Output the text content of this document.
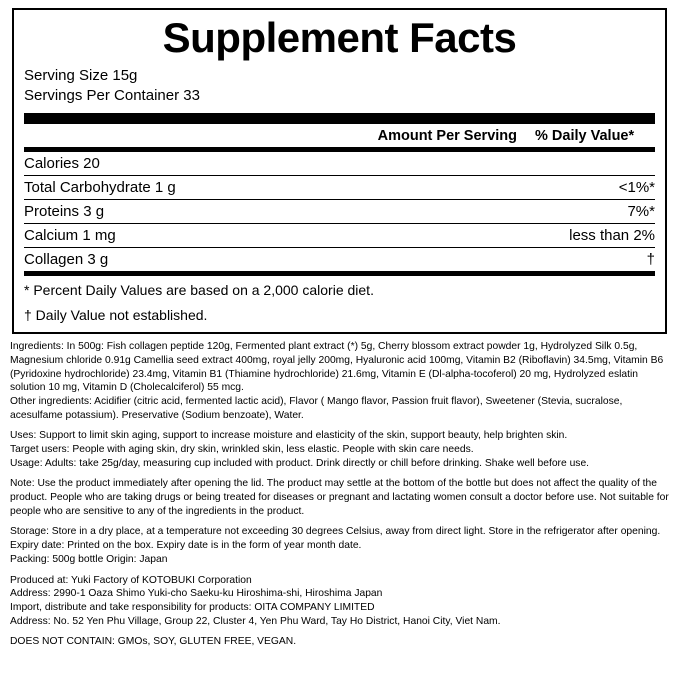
Supplement Facts
Serving Size 15g
Servings Per Container 33
Amount Per Serving % Daily Value*
Calories 20
Total Carbohydrate 1 g	<1%*
Proteins 3 g	7%*
Calcium 1 mg	less than 2%
Collagen 3 g	†
* Percent Daily Values are based on a 2,000 calorie diet.
† Daily Value not established.

Ingredients: In 500g: Fish collagen peptide 120g, Fermented plant extract (*) 5g, Cherry blossom extract powder 1g, Hydrolyzed Silk 0.5g, Magnesium chloride 0.91g Camellia seed extract 400mg, royal jelly 200mg, Hyaluronic acid 100mg, Vitamin B2 (Riboflavin) 34.5mg, Vitamin B6 (Pyridoxine hydrochloride) 23.4mg, Vitamin B1 (Thiamine hydrochloride) 21.6mg, Vitamin E (Dl-alpha-tocoferol) 20 mg, Hydrolyzed eslatin solution 10 mg, Vitamin D (Cholecalciferol) 55 mcg.

Other ingredients: Acidifier (citric acid, fermented lactic acid), Flavor ( Mango flavor, Passion fruit flavor), Sweetener (Stevia, sucralose, acesulfame potassium). Preservative (Sodium benzoate), Water.

Uses: Support to limit skin aging, support to increase moisture and elasticity of the skin, support beauty, help brighten skin.

Target users: People with aging skin, dry skin, wrinkled skin, less elastic. People with skin care needs.

Usage: Adults: take 25g/day, measuring cup included with product. Drink directly or chill before drinking. Shake well before use.

Note: Use the product immediately after opening the lid. The product may settle at the bottom of the bottle but does not affect the quality of the product. People who are taking drugs or being treated for diseases or pregnant and lactating women consult a doctor before use. Not suitable for people who are sensitive to any of the ingredients in the product.

Storage: Store in a dry place, at a temperature not exceeding 30 degrees Celsius, away from direct light. Store in the refrigerator after opening.

Expiry date: Printed on the box. Expiry date is in the form of year month date.

Packing: 500g bottle Origin: Japan

Produced at: Yuki Factory of KOTOBUKI Corporation

Address: 2990-1 Oaza Shimo Yuki-cho Saeku-ku Hiroshima-shi, Hiroshima Japan

Import, distribute and take responsibility for products: OITA COMPANY LIMITED

Address: No. 52 Yen Phu Village, Group 22, Cluster 4, Yen Phu Ward, Tay Ho District, Hanoi City, Viet Nam.

DOES NOT CONTAIN: GMOs, SOY, GLUTEN FREE, VEGAN.
